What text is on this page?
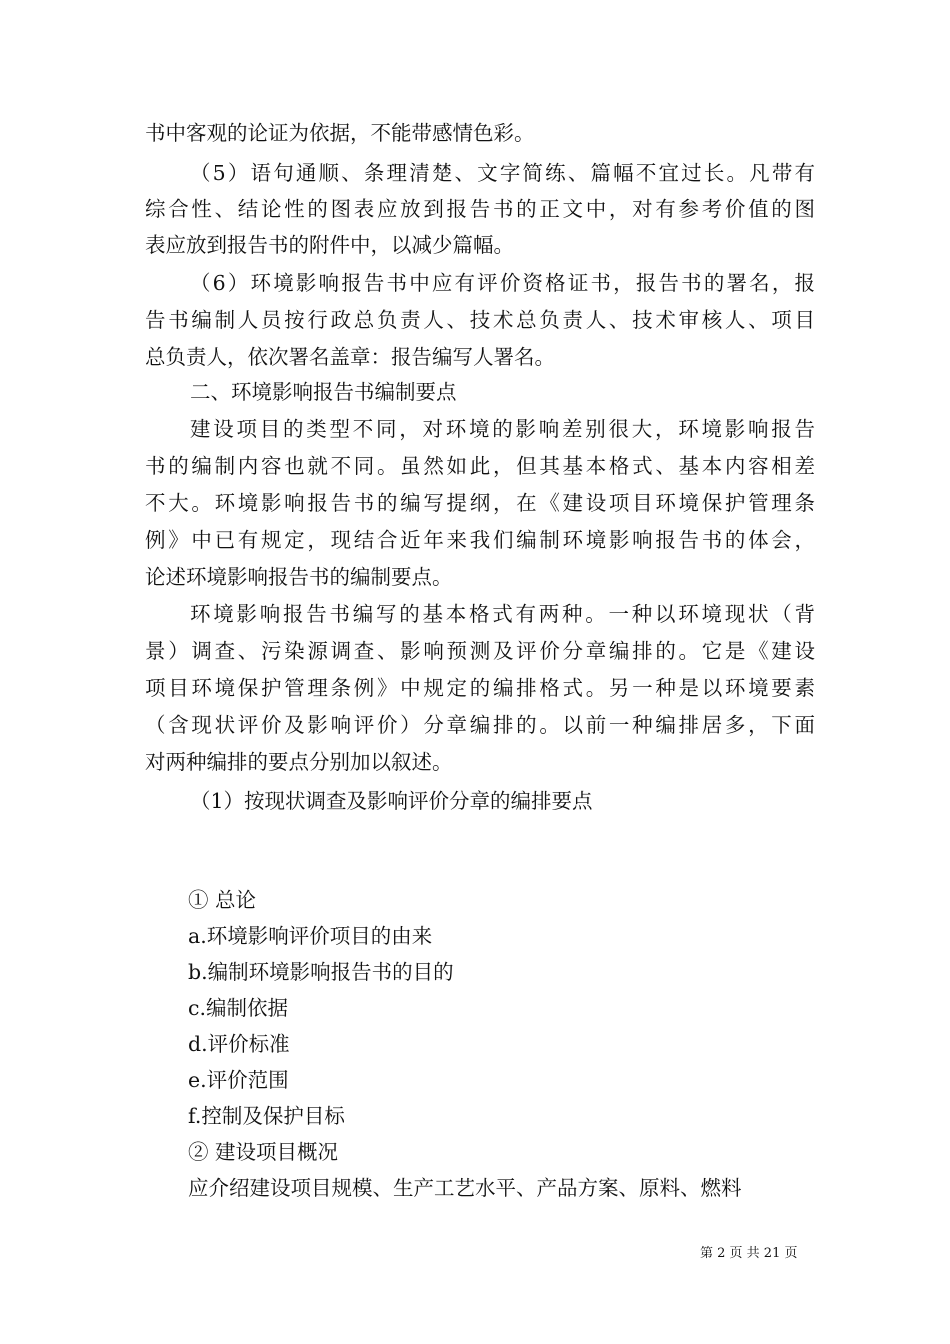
书中客观的论证为依据，不能带感情色彩。
（5）语句通顺、条理清楚、文字简练、篇幅不宜过长。凡带有
综合性、结论性的图表应放到报告书的正文中，对有参考价值的图
表应放到报告书的附件中，以减少篇幅。
（6）环境影响报告书中应有评价资格证书，报告书的署名，报
告书编制人员按行政总负责人、技术总负责人、技术审核人、项目
总负责人，依次署名盖章：报告编写人署名。
二、环境影响报告书编制要点
建设项目的类型不同，对环境的影响差别很大，环境影响报告
书的编制内容也就不同。虽然如此，但其基本格式、基本内容相差
不大。环境影响报告书的编写提纲，在《建设项目环境保护管理条
例》中已有规定，现结合近年来我们编制环境影响报告书的体会，
论述环境影响报告书的编制要点。
环境影响报告书编写的基本格式有两种。一种以环境现状（背
景）调查、污染源调查、影响预测及评价分章编排的。它是《建设
项目环境保护管理条例》中规定的编排格式。另一种是以环境要素
（含现状评价及影响评价）分章编排的。以前一种编排居多，下面
对两种编排的要点分别加以叙述。
（1）按现状调查及影响评价分章的编排要点
① 总论
a.环境影响评价项目的由来
b.编制环境影响报告书的目的
c.编制依据
d.评价标准
e.评价范围
f.控制及保护目标
② 建设项目概况
应介绍建设项目规模、生产工艺水平、产品方案、原料、燃料
第 2 页 共 21 页
